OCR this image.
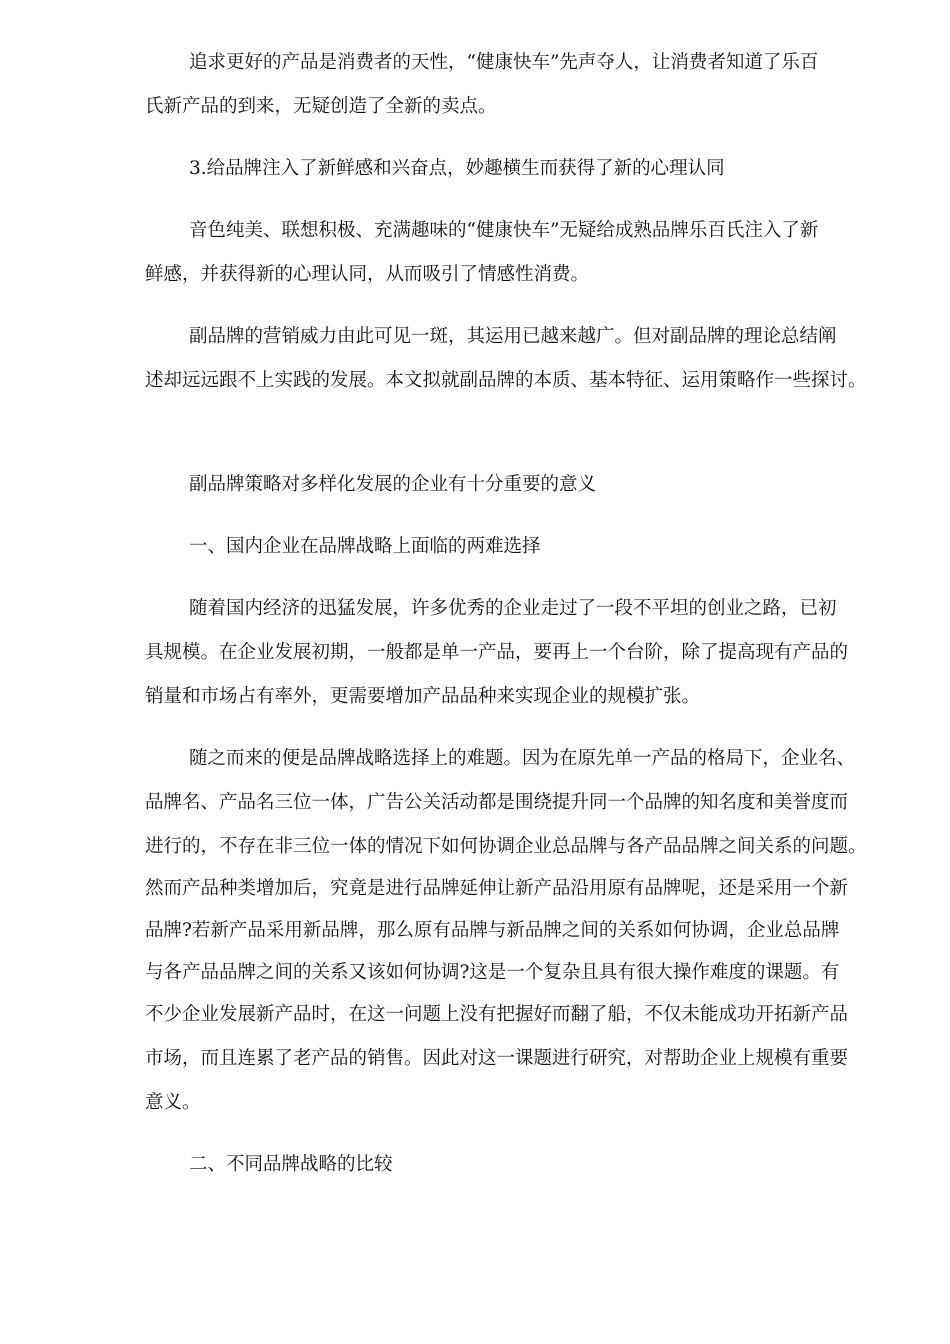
追求更好的产品是消费者的天性，“健康快车”先声夺人，让消费者知道了乐百
氏新产品的到来，无疑创造了全新的卖点。
3.给品牌注入了新鲜感和兴奋点，妙趣横生而获得了新的心理认同
音色纯美、联想积极、充满趣味的“健康快车”无疑给成熟品牌乐百氏注入了新
鲜感，并获得新的心理认同，从而吸引了情感性消费。
副品牌的营销威力由此可见一斑，其运用已越来越广。但对副品牌的理论总结阐
述却远远跟不上实践的发展。本文拟就副品牌的本质、基本特征、运用策略作一些探讨。
副品牌策略对多样化发展的企业有十分重要的意义
一、国内企业在品牌战略上面临的两难选择
随着国内经济的迅猛发展，许多优秀的企业走过了一段不平坦的创业之路，已初
具规模。在企业发展初期，一般都是单一产品，要再上一个台阶，除了提高现有产品的
销量和市场占有率外，更需要增加产品品种来实现企业的规模扩张。
随之而来的便是品牌战略选择上的难题。因为在原先单一产品的格局下，企业名、
品牌名、产品名三位一体，广告公关活动都是围绕提升同一个品牌的知名度和美誉度而
进行的，不存在非三位一体的情况下如何协调企业总品牌与各产品品牌之间关系的问题。
然而产品种类增加后，究竟是进行品牌延伸让新产品沿用原有品牌呢，还是采用一个新
品牌?若新产品采用新品牌，那么原有品牌与新品牌之间的关系如何协调，企业总品牌
与各产品品牌之间的关系又该如何协调?这是一个复杂且具有很大操作难度的课题。有
不少企业发展新产品时，在这一问题上没有把握好而翻了船，不仅未能成功开拓新产品
市场，而且连累了老产品的销售。因此对这一课题进行研究，对帮助企业上规模有重要
意义。
二、不同品牌战略的比较
